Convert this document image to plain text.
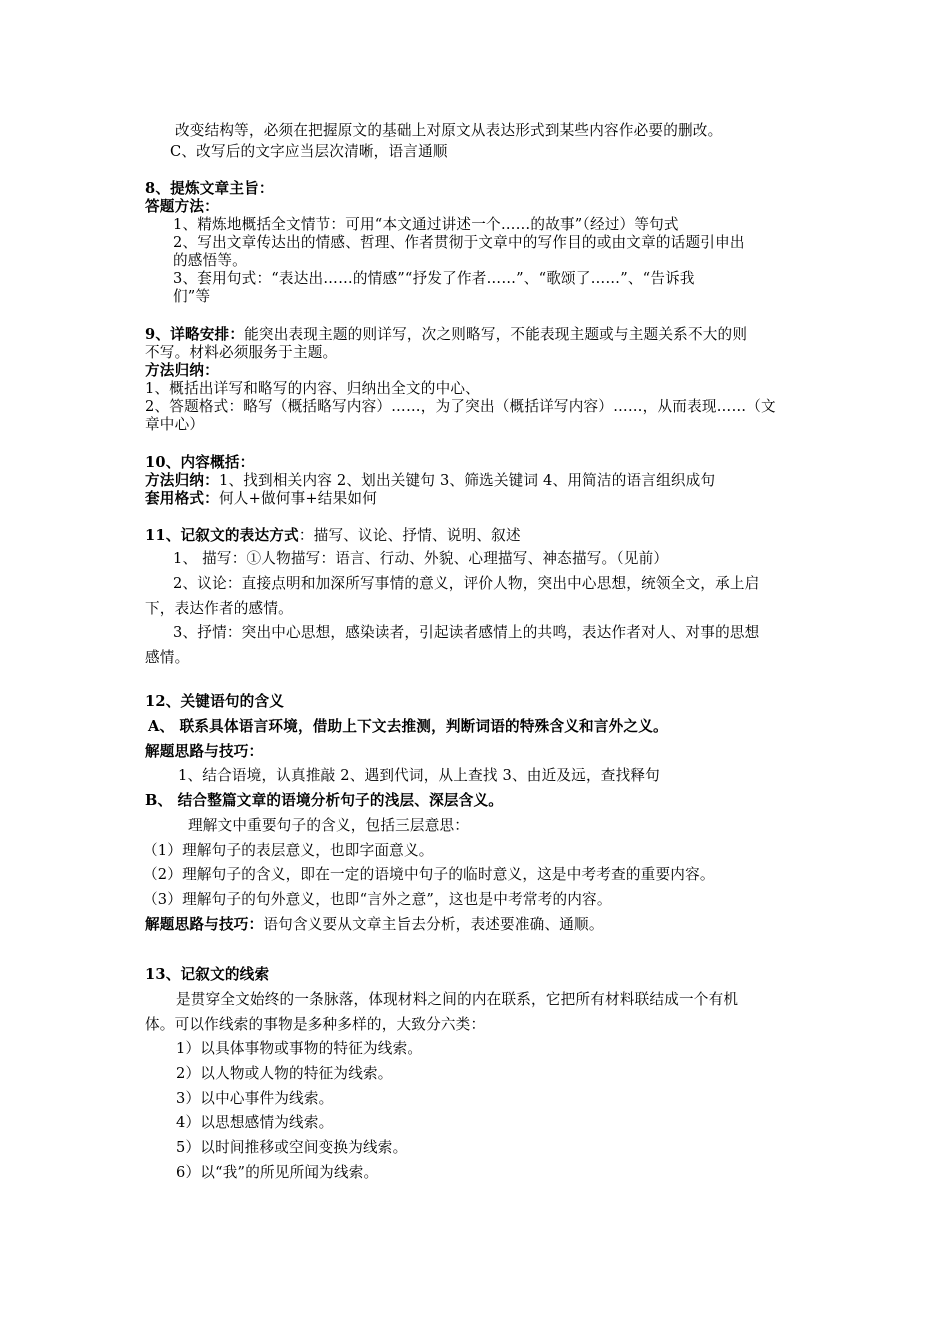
改变结构等，必须在把握原文的基础上对原文从表达形式到某些内容作必要的删改。
C、改写后的文字应当层次清晰，语言通顺
8、提炼文章主旨：
答题方法：
1、精炼地概括全文情节：可用“本文通过讲述一个……的故事”（经过）等句式
2、写出文章传达出的情感、哲理、作者贯彻于文章中的写作目的或由文章的话题引申出
的感悟等。
3、套用句式：“表达出……的情感”“抒发了作者……”、“歌颂了……”、“告诉我
们”等
9、详略安排：能突出表现主题的则详写，次之则略写，不能表现主题或与主题关系不大的则
不写。材料必须服务于主题。
方法归纳：
1、概括出详写和略写的内容、归纳出全文的中心、
2、答题格式：略写（概括略写内容）……，为了突出（概括详写内容）……，从而表现……（文
章中心）
10、内容概括：
方法归纳：1、找到相关内容 2、划出关键句 3、筛选关键词 4、用简洁的语言组织成句
套用格式：何人+做何事+结果如何
11、记叙文的表达方式：描写、议论、抒情、说明、叙述
1、 描写：①人物描写：语言、行动、外貌、心理描写、神态描写。（见前）
2、议论：直接点明和加深所写事情的意义，评价人物，突出中心思想，统领全文，承上启
下，表达作者的感情。
3、抒情：突出中心思想，感染读者，引起读者感情上的共鸣，表达作者对人、对事的思想
感情。
12、关键语句的含义
A、 联系具体语言环境，借助上下文去推测，判断词语的特殊含义和言外之义。
解题思路与技巧：
1、结合语境，认真推敲 2、遇到代词，从上查找 3、由近及远，查找释句
B、 结合整篇文章的语境分析句子的浅层、深层含义。
理解文中重要句子的含义，包括三层意思：
（1）理解句子的表层意义，也即字面意义。
（2）理解句子的含义，即在一定的语境中句子的临时意义，这是中考考查的重要内容。
（3）理解句子的句外意义，也即“言外之意”，这也是中考常考的内容。
解题思路与技巧：语句含义要从文章主旨去分析，表述要准确、通顺。
13、记叙文的线索
是贯穿全文始终的一条脉落，体现材料之间的内在联系，它把所有材料联结成一个有机
体。可以作线索的事物是多种多样的，大致分六类：
1）以具体事物或事物的特征为线索。
2）以人物或人物的特征为线索。
3）以中心事件为线索。
4）以思想感情为线索。
5）以时间推移或空间变换为线索。
6）以“我”的所见所闻为线索。
